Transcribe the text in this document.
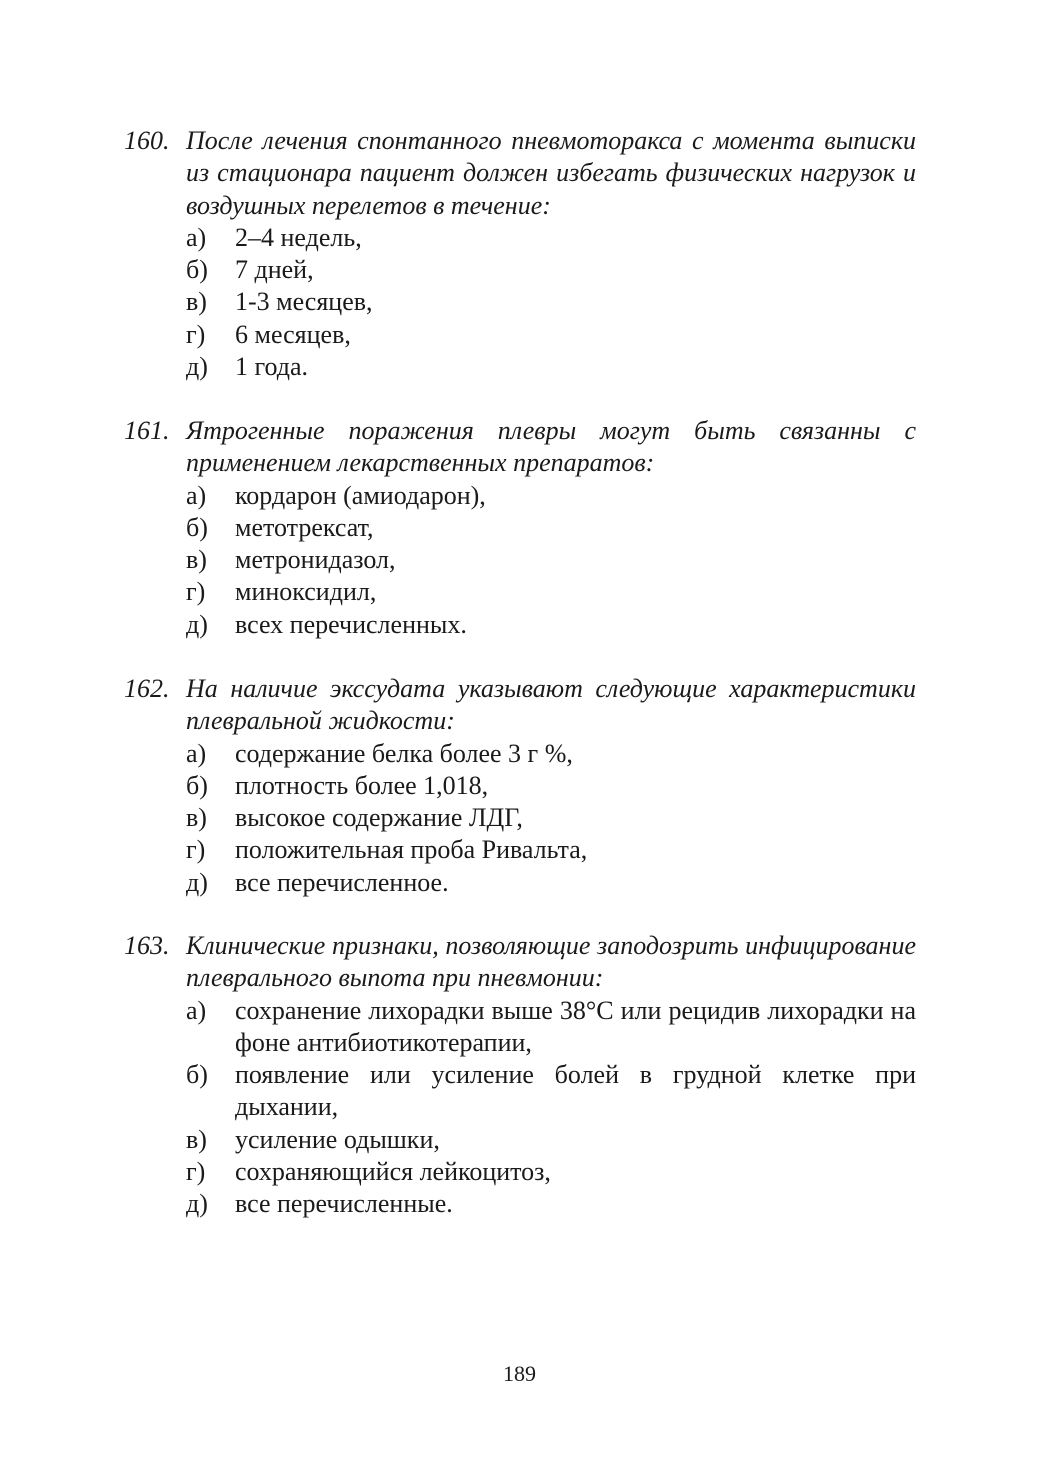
160. После лечения спонтанного пневмоторакса с момента выписки из стационара пациент должен избегать физических нагрузок и воздушных перелетов в течение:
а)	2–4 недель,
б)	7 дней,
в)	1-3 месяцев,
г)	6 месяцев,
д)	1 года.
161. Ятрогенные поражения плевры могут быть связанны с применением лекарственных препаратов:
а)	кордарон (амиодарон),
б)	метотрексат,
в)	метронидазол,
г)	миноксидил,
д)	всех перечисленных.
162. На наличие экссудата указывают следующие характеристики плевральной жидкости:
а)	содержание белка более 3 г %,
б)	плотность более 1,018,
в)	высокое содержание ЛДГ,
г)	положительная проба Ривальта,
д)	все перечисленное.
163. Клинические признаки, позволяющие заподозрить инфицирование плеврального выпота при пневмонии:
а)	сохранение лихорадки выше 38°С или рецидив лихорадки на фоне антибиотикотерапии,
б)	появление или усиление болей в грудной клетке при дыхании,
в)	усиление одышки,
г)	сохраняющийся лейкоцитоз,
д)	все перечисленные.
189
